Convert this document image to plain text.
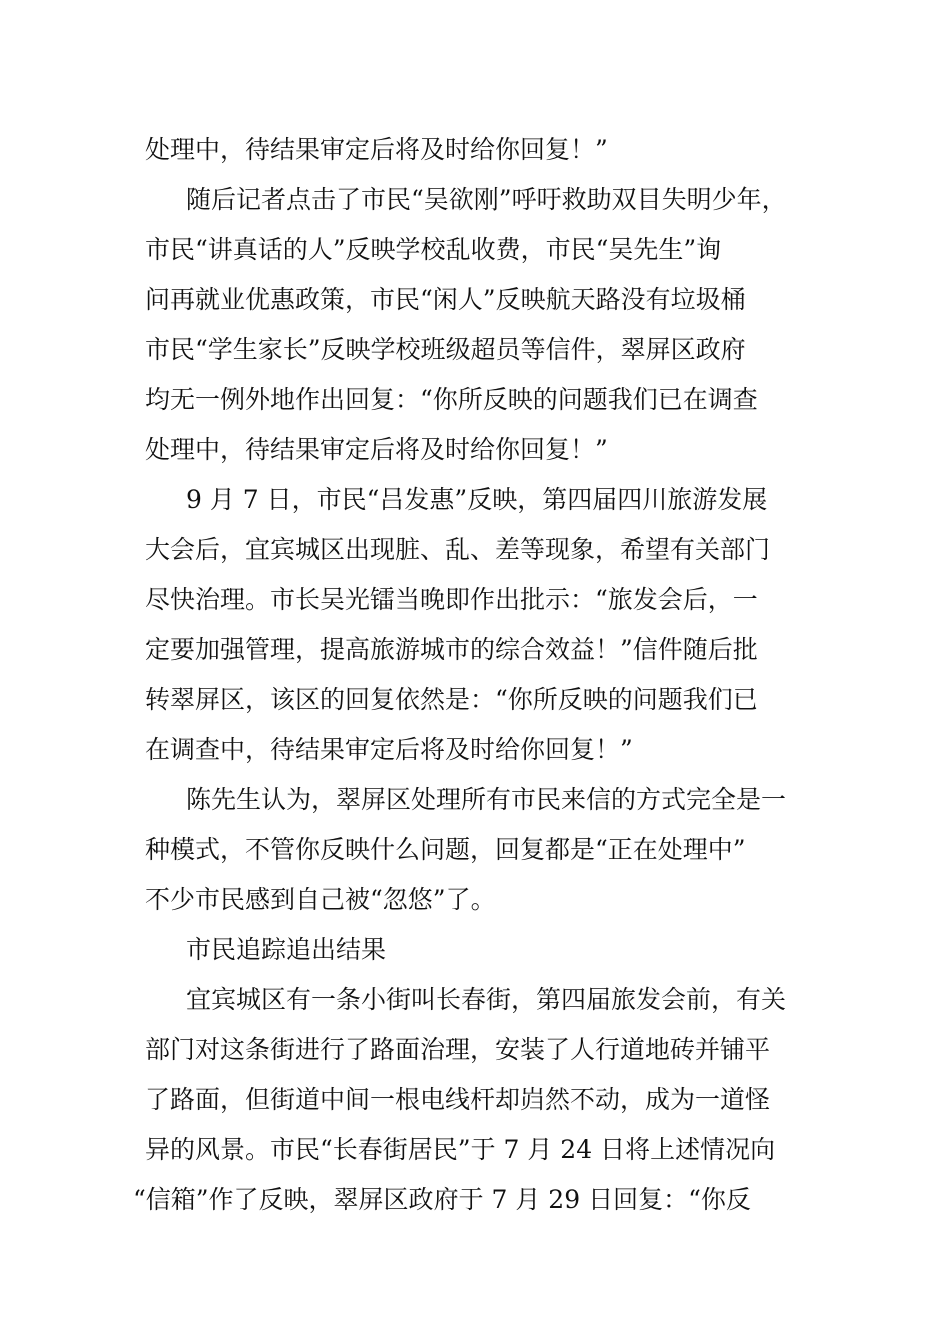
处理中，待结果审定后将及时给你回复！”
随后记者点击了市民“吴欲刚”呼吁救助双目失明少年，
市民“讲真话的人”反映学校乱收费，市民“吴先生”询
问再就业优惠政策，市民“闲人”反映航天路没有垃圾桶
市民“学生家长”反映学校班级超员等信件，翠屏区政府
均无一例外地作出回复：“你所反映的问题我们已在调查
处理中，待结果审定后将及时给你回复！”
9 月 7 日，市民“吕发惠”反映，第四届四川旅游发展
大会后，宜宾城区出现脏、乱、差等现象，希望有关部门
尽快治理。市长吴光镭当晚即作出批示：“旅发会后，一
定要加强管理，提高旅游城市的综合效益！”信件随后批
转翠屏区，该区的回复依然是：“你所反映的问题我们已
在调查中，待结果审定后将及时给你回复！”
陈先生认为，翠屏区处理所有市民来信的方式完全是一
种模式，不管你反映什么问题，回复都是“正在处理中”
不少市民感到自己被“忽悠”了。
市民追踪追出结果
宜宾城区有一条小街叫长春街，第四届旅发会前，有关
部门对这条街进行了路面治理，安装了人行道地砖并铺平
了路面，但街道中间一根电线杆却岿然不动，成为一道怪
异的风景。市民“长春街居民”于 7 月 24 日将上述情况向
“信箱”作了反映，翠屏区政府于 7 月 29 日回复：“你反
